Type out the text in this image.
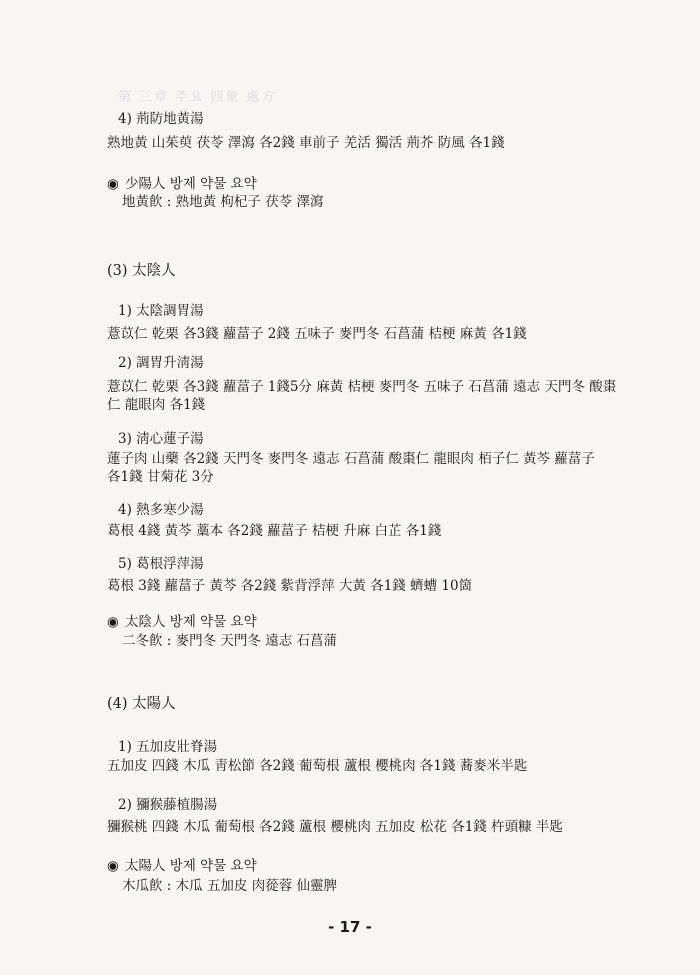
第 三章 주요 四象 處方
4) 荊防地黃湯
熟地黃 山茱萸 茯苓 澤瀉 各2錢 車前子 羌活 獨活 荊芥 防風 各1錢
◉ 少陽人 방제 약물 요약
地黃飮 : 熟地黃 枸杞子 茯苓 澤瀉
(3) 太陰人
1) 太陰調胃湯
薏苡仁 乾栗 各3錢 蘿葍子 2錢 五味子 麥門冬 石菖蒲 桔梗 麻黃 各1錢
2) 調胃升淸湯
薏苡仁 乾栗 各3錢 蘿葍子 1錢5分 麻黃 桔梗 麥門冬 五味子 石菖蒲 遠志 天門冬 酸棗
仁 龍眼肉 各1錢
3) 淸心蓮子湯
蓮子肉 山藥 各2錢 天門冬 麥門冬 遠志 石菖蒲 酸棗仁 龍眼肉 栢子仁 黃芩 蘿葍子
各1錢 甘菊花 3分
4) 熱多寒少湯
葛根 4錢 黃芩 藁本 各2錢 蘿葍子 桔梗 升麻 白芷 各1錢
5) 葛根浮萍湯
葛根 3錢 蘿葍子 黃芩 各2錢 紫背浮萍 大黃 各1錢 蠐螬 10箇
◉ 太陰人 방제 약물 요약
二冬飮 : 麥門冬 天門冬 遠志 石菖蒲
(4) 太陽人
1) 五加皮壯脊湯
五加皮 四錢 木瓜 靑松節 各2錢 葡萄根 蘆根 櫻桃肉 各1錢 蕎麥米半匙
2) 獼猴藤植腸湯
獼猴桃 四錢 木瓜 葡萄根 各2錢 蘆根 櫻桃肉 五加皮 松花 各1錢 杵頭糠 半匙
◉ 太陽人 방제 약물 요약
木瓜飮 : 木瓜 五加皮 肉蓯蓉 仙靈脾
- 17 -
